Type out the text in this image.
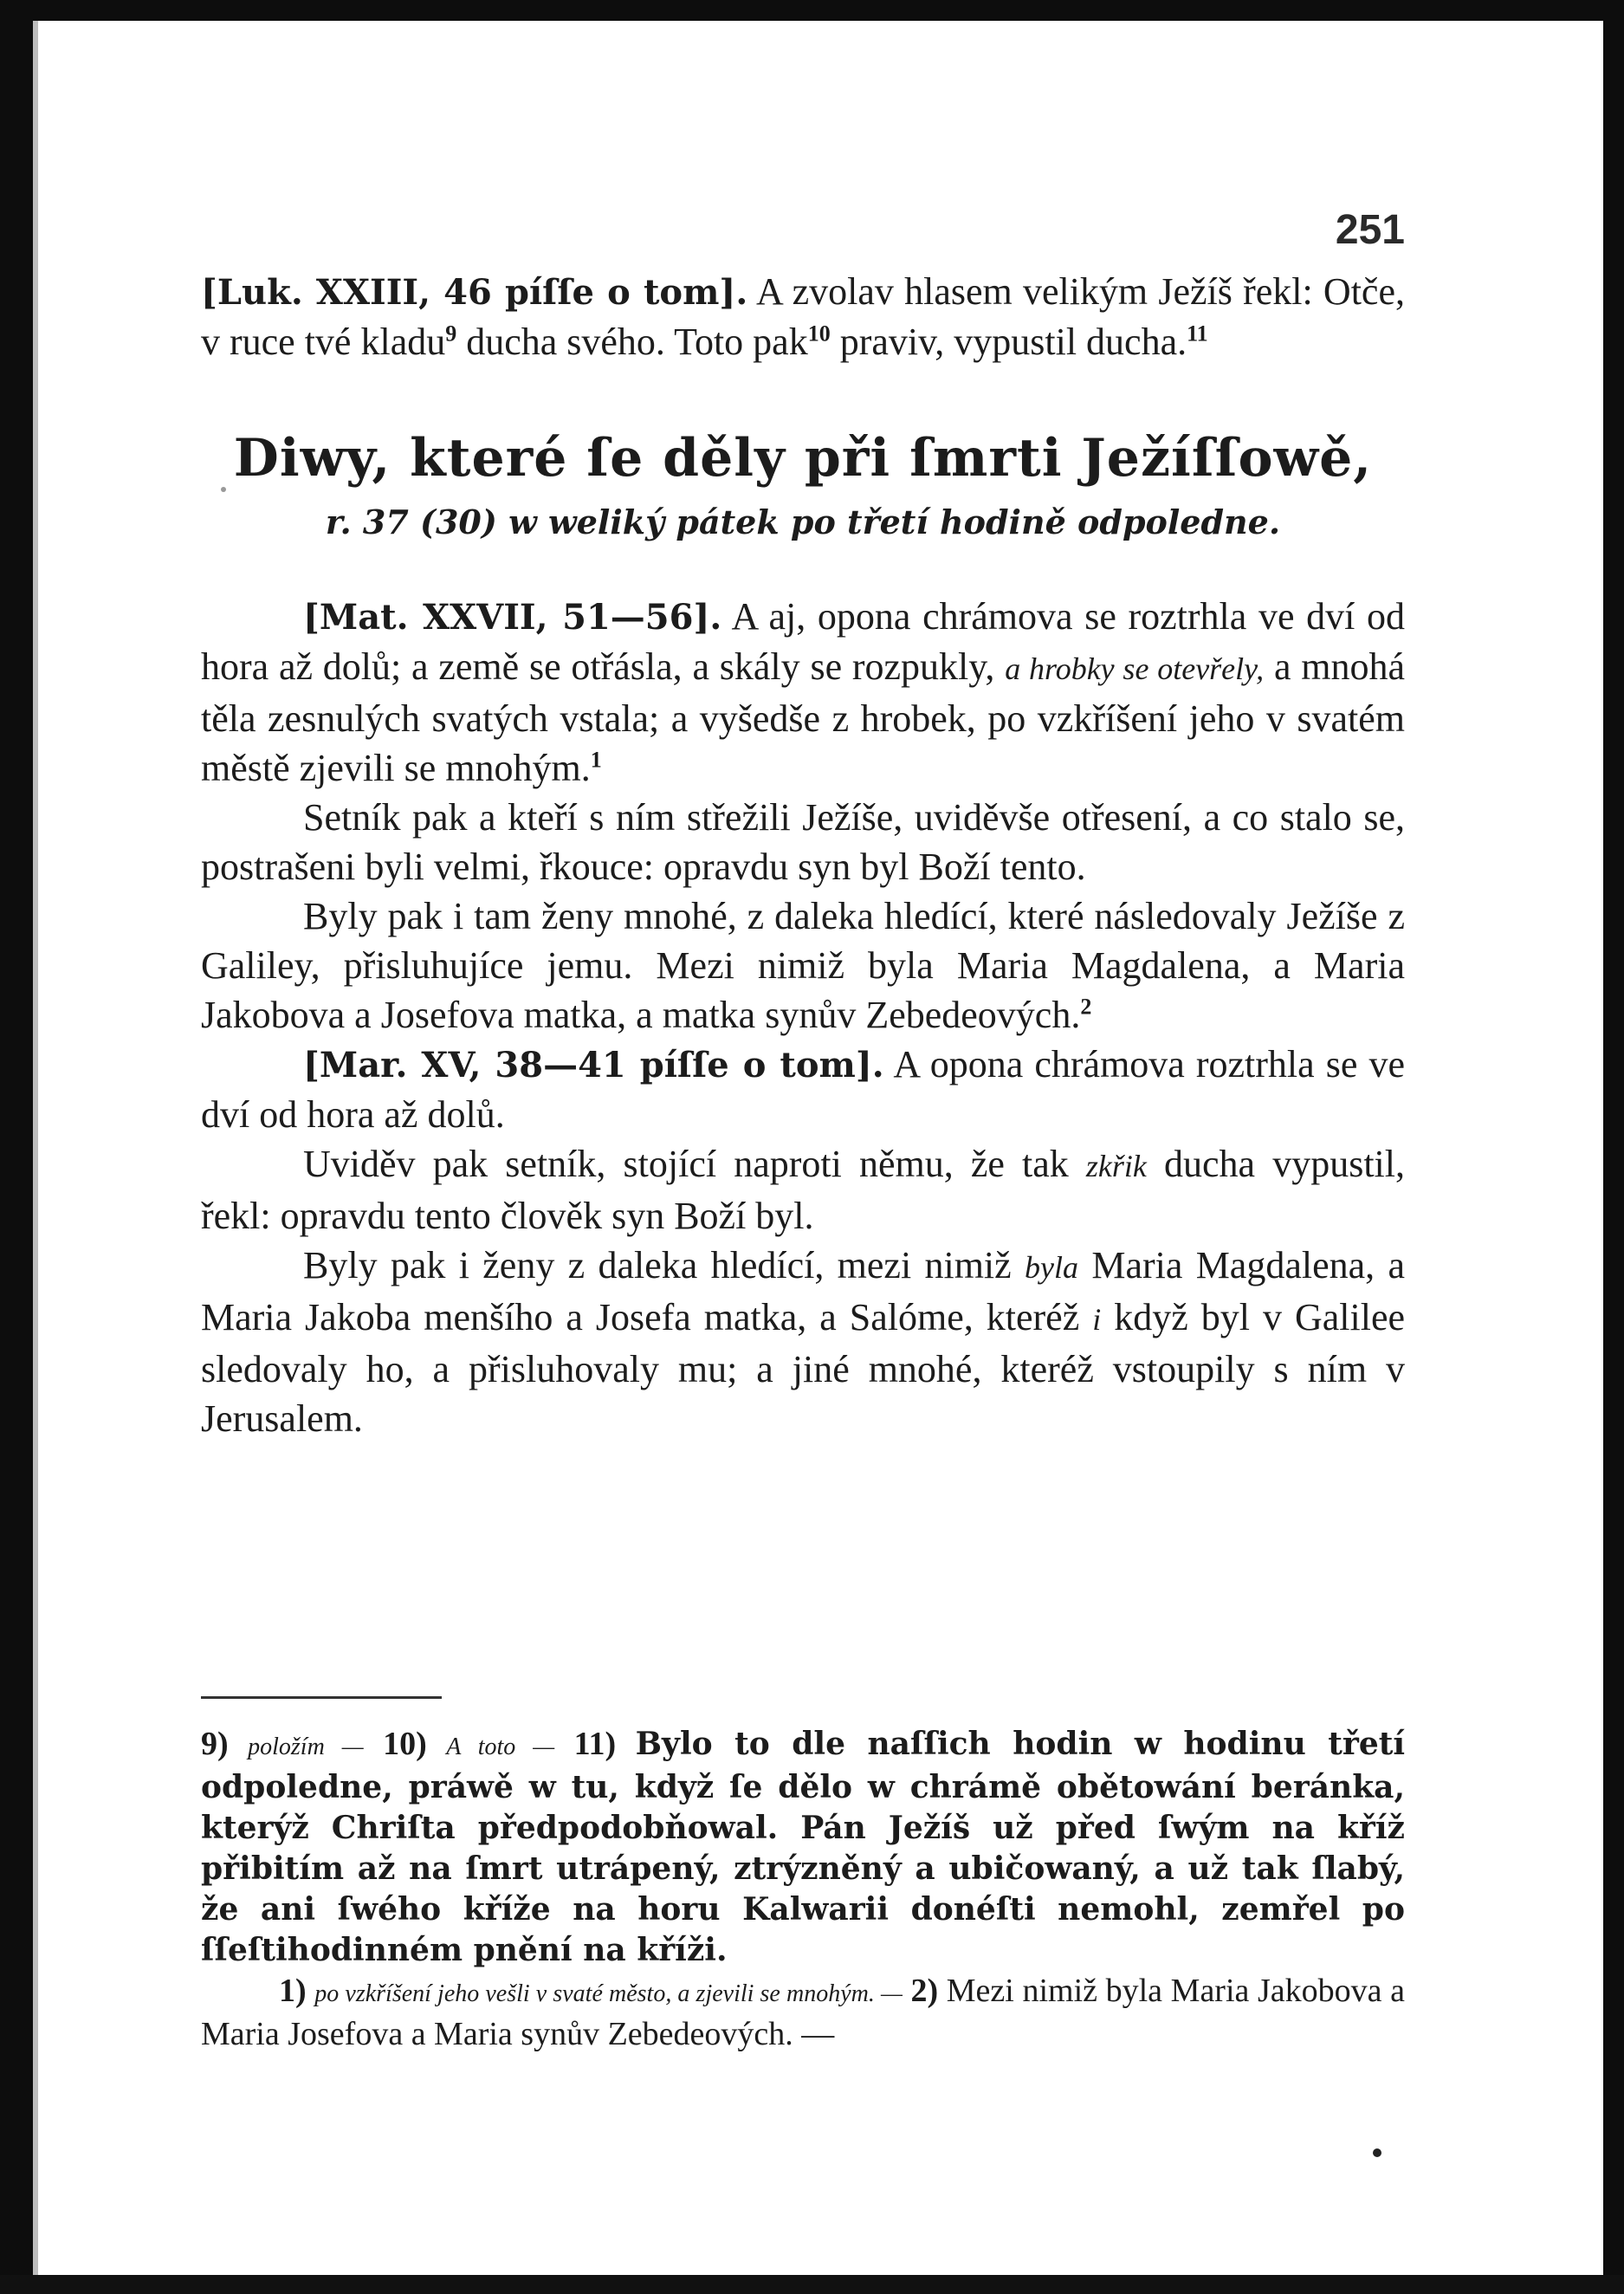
251

[Luk. XXIII, 46 píſſe o tom]. A zvolav hlasem velikým Ježíš řekl: Otče, v ruce tvé kladu$^9$ ducha svého. Toto pak$^{10}$ praviv, vypustil ducha.$^{11}$

Diwy, které ſe děly při ſmrti Ježíſſowě,
r. 37 (30) w weliký pátek po třetí hodině odpoledne.

[Mat. XXVII, 51—56]. A aj, opona chrámova se roztrhla ve dví od hora až dolů; a země se otřásla, a skály se rozpukly, a hrobky se otevřely, a mnohá těla zesnulých svatých vstala; a vyšedše z hrobek, po vzkříšení jeho v svatém městě zjevili se mnohým.$^1$

Setník pak a kteří s ním střežili Ježíše, uviděvše otřesení, a co stalo se, postrašeni byli velmi, řkouce: opravdu syn byl Boží tento.

Byly pak i tam ženy mnohé, z daleka hledící, které následovaly Ježíše z Galiley, přisluhujíce jemu. Mezi nimiž byla Maria Magdalena, a Maria Jakobova a Josefova matka, a matka synův Zebedeových.$^2$

[Mar. XV, 38—41 píſſe o tom]. A opona chrámova roztrhla se ve dví od hora až dolů.

Uviděv pak setník, stojící naproti němu, že tak zkřik ducha vypustil, řekl: opravdu tento člověk syn Boží byl.

Byly pak i ženy z daleka hledící, mezi nimiž byla Maria Magdalena, a Maria Jakoba menšího a Josefa matka, a Salóme, kteréž i když byl v Galilee sledovaly ho, a přisluhovaly mu; a jiné mnohé, kteréž vstoupily s ním v Jerusalem.

9) položím — 10) A toto — 11) Bylo to dle naſſich hodin w hodinu třetí odpoledne, práwě w tu, když ſe dělo w chrámě obětowání beránka, kterýž Chriſta předpodobňowal. Pán Ježíš už před ſwým na kříž přibitím až na ſmrt utrápený, ztrýzněný a ubičowaný, a už tak ſlabý, že ani ſwého kříže na horu Kalwarii donéſti nemohl, zemřel po ſſeſtihodinném pnění na kříži.

1) po vzkříšení jeho vešli v svaté město, a zjevili se mnohým. — 2) Mezi nimiž byla Maria Jakobova a Maria Josefova a Maria synův Zebedeových. —
